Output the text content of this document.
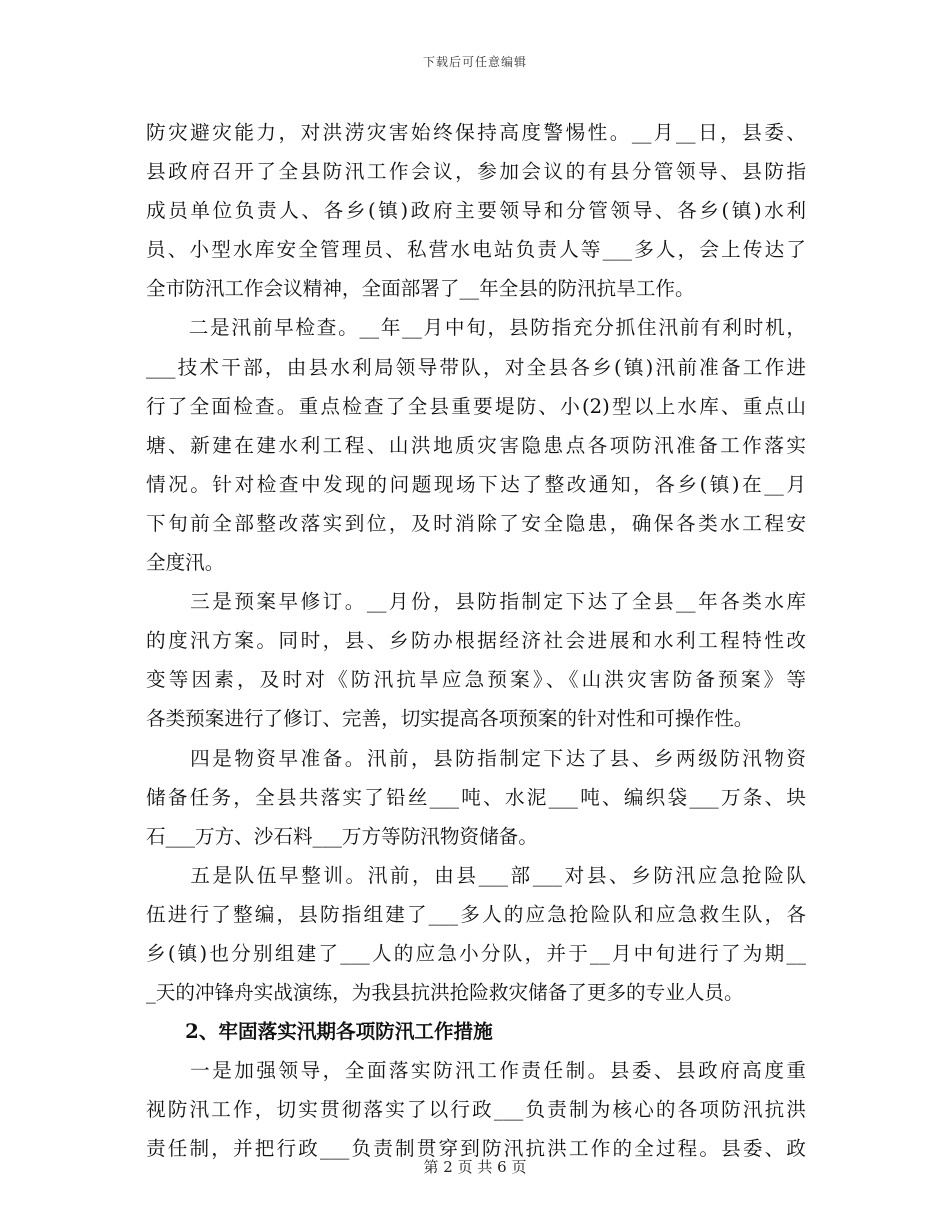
下载后可任意编辑
防灾避灾能力，对洪涝灾害始终保持高度警惕性。__月__日，县委、
县政府召开了全县防汛工作会议，参加会议的有县分管领导、县防指
成员单位负责人、各乡(镇)政府主要领导和分管领导、各乡(镇)水利
员、小型水库安全管理员、私营水电站负责人等___多人，会上传达了
全市防汛工作会议精神，全面部署了__年全县的防汛抗旱工作。
　　二是汛前早检查。__年__月中旬，县防指充分抓住汛前有利时机，
___技术干部，由县水利局领导带队，对全县各乡(镇)汛前准备工作进
行了全面检查。重点检查了全县重要堤防、小(2)型以上水库、重点山
塘、新建在建水利工程、山洪地质灾害隐患点各项防汛准备工作落实
情况。针对检查中发现的问题现场下达了整改通知，各乡(镇)在__月
下旬前全部整改落实到位，及时消除了安全隐患，确保各类水工程安
全度汛。
　　三是预案早修订。__月份，县防指制定下达了全县__年各类水库
的度汛方案。同时，县、乡防办根据经济社会进展和水利工程特性改
变等因素，及时对《防汛抗旱应急预案》、《山洪灾害防备预案》等
各类预案进行了修订、完善，切实提高各项预案的针对性和可操作性。
　　四是物资早准备。汛前，县防指制定下达了县、乡两级防汛物资
储备任务，全县共落实了铅丝___吨、水泥___吨、编织袋___万条、块
石___万方、沙石料___万方等防汛物资储备。
　　五是队伍早整训。汛前，由县___部___对县、乡防汛应急抢险队
伍进行了整编，县防指组建了___多人的应急抢险队和应急救生队，各
乡(镇)也分别组建了___人的应急小分队，并于__月中旬进行了为期__
_天的冲锋舟实战演练，为我县抗洪抢险救灾储备了更多的专业人员。
　　2、牢固落实汛期各项防汛工作措施
　　一是加强领导，全面落实防汛工作责任制。县委、县政府高度重
视防汛工作，切实贯彻落实了以行政___负责制为核心的各项防汛抗洪
责任制，并把行政___负责制贯穿到防汛抗洪工作的全过程。县委、政
第 2 页 共 6 页
